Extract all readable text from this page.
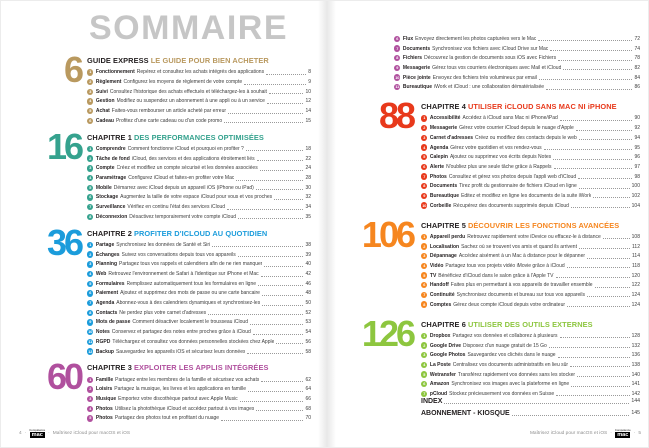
SOMMAIRE
6 GUIDE EXPRESS LE GUIDE POUR BIEN ACHETER
1 Fonctionnement Repérez et consultez les achats intégrés des applications	8
2 Règlement Configurez les moyens de règlement de votre compte	9
3 Suivi Consultez l'historique des achats effectués et téléchargez-les à souhait	10
4 Gestion Modifiez ou suspendez un abonnement à une appli ou à un service	12
5 Achat Faites-vous rembourser un article acheté par erreur	14
6 Cadeau Profitez d'une carte cadeau ou d'un code promo	15
16 CHAPITRE 1 DES PERFORMANCES OPTIMISÉES
1 Comprendre Comment fonctionne iCloud et pourquoi en profiter ?	18
2 Tâche de fond iCloud, des services et des applications étroitement liés	22
3 Compte Créez et modifiez un compte sécurisé et les données associées	24
4 Paramétrage Configurez iCloud et faites-en profiter votre Mac	28
5 Mobile Démarrez avec iCloud depuis un appareil iOS (iPhone ou iPad)	30
6 Stockage Augmentez la taille de votre espace iCloud pour vous et vos proches	32
7 Surveillance Vérifiez en continu l'état des services iCloud	34
8 Déconnexion Désactivez temporairement votre compte iCloud	35
36 CHAPITRE 2 PROFITER D'ICLOUD AU QUOTIDIEN
1 Partage Synchronisez les données de Santé et Siri	38
2 Échanges Suivez vos conversations depuis tous vos appareils	39
3 Planning Partagez tous vos rappels et calendriers afin de ne rien manquer	40
4 Web Retrouvez l'environnement de Safari à l'identique sur iPhone et Mac	42
5 Formulaires Remplissez automatiquement tous les formulaires en ligne	46
6 Paiement Ajoutez et supprimez des mots de passe ou une carte bancaire	48
7 Agenda Abonnez-vous à des calendriers dynamiques et synchronisez-les	50
8 Contacts Ne perdez plus votre carnet d'adresses	52
9 Mots de passe Comment désactiver localement le trousseau iCloud	53
10 Notes Conservez et partagez des notes entre proches grâce à iCloud	54
11 RGPD Téléchargez et consultez vos données personnelles stockées chez Apple	56
12 Backup Sauvegardez les appareils iOS et sécurisez leurs données	58
60 CHAPITRE 3 EXPLOITER LES APPLIS INTÉGRÉES
1 Famille Partagez entre les membres de la famille et sécurisez vos achats	62
2 Loisirs Partagez la musique, les livres et les applications en famille	64
3 Musique Emportez votre discothèque partout avec Apple Music	66
4 Photos Utilisez la photothèque iCloud et accédez partout à vos images	68
5 Photos Partagez des photos tout en profitant du nuage	70
4 ·
Compétence
mac	· Maîtrisez iCloud pour macOS et iOS
6 Flux Envoyez directement les photos capturées vers le Mac	72
7 Documents Synchronisez vos fichiers avec iCloud Drive sur Mac	74
8 Fichiers Découvrez la gestion de documents sous iOS avec Fichiers	78
9 Messagerie Gérez tous vos courriers électroniques avec Mail et iCloud	82
10 Pièce jointe Envoyez des fichiers très volumineux par email	84
11 Bureautique iWork et iCloud : une collaboration dématérialisée	86
88	CHAPITRE 4 UTILISER iCLOUD SANS MAC NI iPHONE
1 Accessibilité Accédez à iCloud sans Mac ni iPhone/iPad	90
2 Messagerie Gérez votre courrier iCloud depuis le nuage d'Apple	92
3 Carnet d'adresses Créez ou modifiez des contacts depuis le web	94
4 Agenda Gérez votre quotidien et vos rendez-vous	95
5 Calepin Ajoutez ou supprimez vos écrits depuis Notes	96
6 Alerte N'oubliez plus une seule tâche grâce à Rappels	97
7 Photos Consultez et gérez vos photos depuis l'appli web d'iCloud	98
8 Documents Tirez profit du gestionnaire de fichiers iCloud en ligne	100
9 Bureautique Éditez et modifiez en ligne les documents de la suite iWork	102
10 Corbeille Récupérez des documents supprimés depuis iCloud	104
106	CHAPITRE 5 DÉCOUVRIR LES FONCTIONS AVANCÉES
1 Appareil perdu Retrouvez rapidement votre iDevice ou effacez-le à distance	108
2 Localisation Sachez où se trouvent vos amis et quand ils arrivent	112
3 Dépannage Accédez aisément à un Mac à distance pour le dépanner	114
4 Vidéo Partagez tous vos projets vidéo iMovie grâce à iCloud	118
5 TV Bénéficiez d'iCloud dans le salon grâce à l'Apple TV	120
6 Handoff Faites plus en permettant à vos appareils de travailler ensemble	122
7 Continuité Synchronisez documents et bureau sur tous vos appareils	124
8 Comptes Gérez deux compte iCloud depuis votre ordinateur	124
126	CHAPITRE 6 UTILISER DES OUTILS EXTERNES
1 Dropbox Partagez vos données et collaborez à plusieurs	128
2 Google Drive Disposez d'un nuage gratuit de 15 Go	132
3 Google Photos Sauvegardez vos clichés dans le nuage	136
4 La Poste Centralisez vos documents administratifs en lieu sûr	138
5 Wetransfer Transférez rapidement vos données sans les stocker	140
6 Amazon Synchronisez vos images avec la plateforme en ligne	141
7 pCloud Stockez précieusement vos données en Suisse	142
INDEX	144
ABONNEMENT - KIOSQUE	145
Maîtrisez iCloud pour macOS et iOS ·
Compétence
mac	· 5
